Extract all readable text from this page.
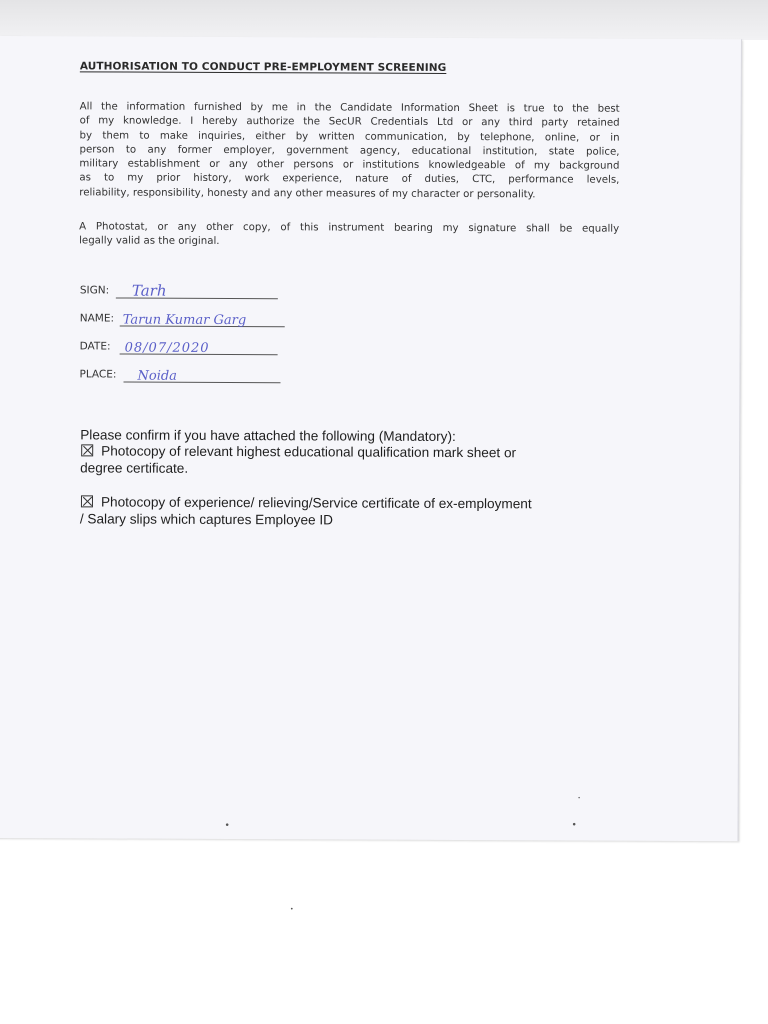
AUTHORISATION TO CONDUCT PRE-EMPLOYMENT SCREENING
All the information furnished by me in the Candidate Information Sheet is true to the best
of my knowledge. I hereby authorize the SecUR Credentials Ltd or any third party retained
by them to make inquiries, either by written communication, by telephone, online, or in
person to any former employer, government agency, educational institution, state police,
military establishment or any other persons or institutions knowledgeable of my background
as to my prior history, work experience, nature of duties, CTC, performance levels,
reliability, responsibility, honesty and any other measures of my character or personality.
A Photostat, or any other copy, of this instrument bearing my signature shall be equally
legally valid as the original.
SIGN: Tarh
NAME: Tarun Kumar Garg
DATE: 08/07/2020
PLACE: Noida
Please confirm if you have attached the following (Mandatory):
Photocopy of relevant highest educational qualification mark sheet or
degree certificate.
Photocopy of experience/ relieving/Service certificate of ex-employment
/ Salary slips which captures Employee ID
•	•
•
•
